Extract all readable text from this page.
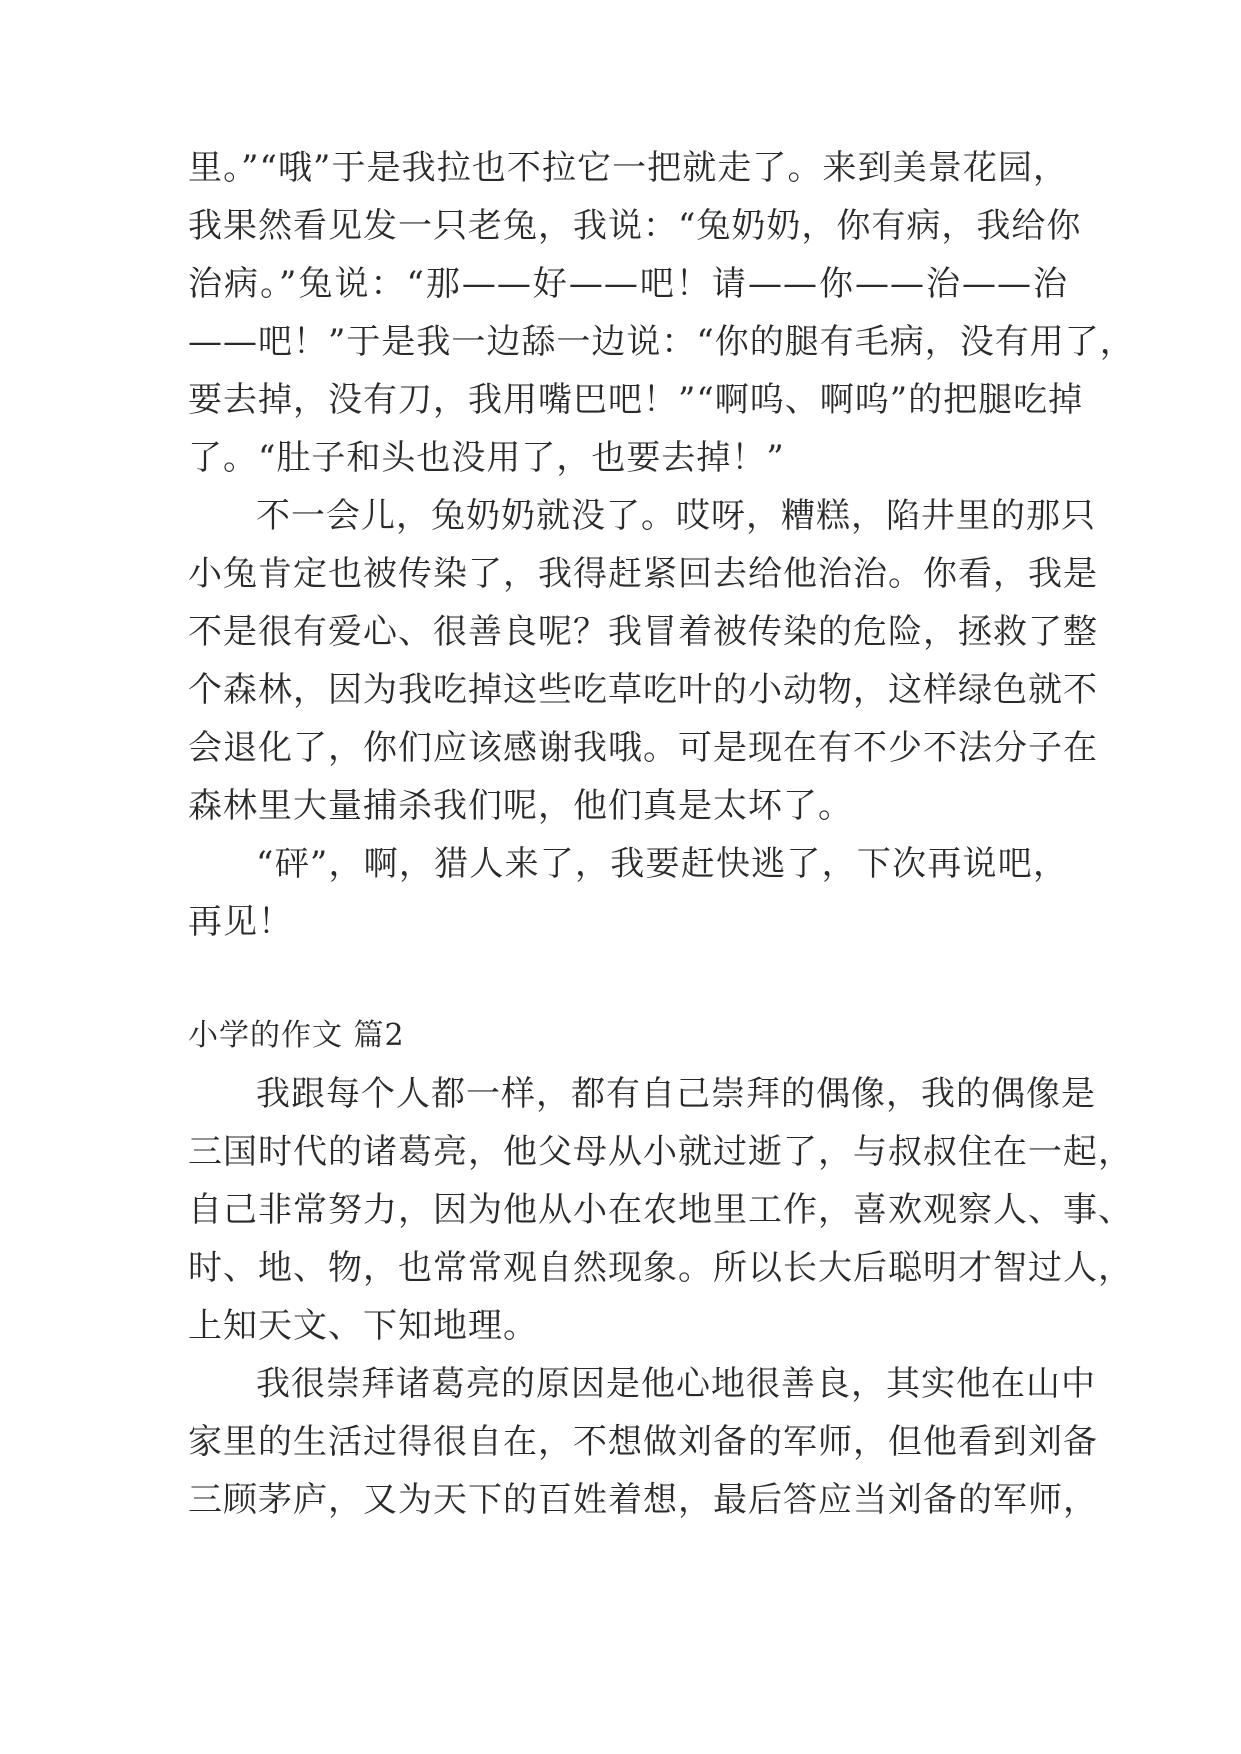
里。”“哦”于是我拉也不拉它一把就走了。来到美景花园，
我果然看见发一只老兔，我说：“兔奶奶，你有病，我给你
治病。”兔说：“那——好——吧！请——你——治——治
——吧！”于是我一边舔一边说：“你的腿有毛病，没有用了，
要去掉，没有刀，我用嘴巴吧！”“啊呜、啊呜”的把腿吃掉
了。“肚子和头也没用了，也要去掉！”
不一会儿，兔奶奶就没了。哎呀，糟糕，陷井里的那只
小兔肯定也被传染了，我得赶紧回去给他治治。你看，我是
不是很有爱心、很善良呢？我冒着被传染的危险，拯救了整
个森林，因为我吃掉这些吃草吃叶的小动物，这样绿色就不
会退化了，你们应该感谢我哦。可是现在有不少不法分子在
森林里大量捕杀我们呢，他们真是太坏了。
“砰”，啊，猎人来了，我要赶快逃了，下次再说吧，
再见！
小学的作文 篇2
我跟每个人都一样，都有自己崇拜的偶像，我的偶像是
三国时代的诸葛亮，他父母从小就过逝了，与叔叔住在一起，
自己非常努力，因为他从小在农地里工作，喜欢观察人、事、
时、地、物，也常常观自然现象。所以长大后聪明才智过人，
上知天文、下知地理。
我很崇拜诸葛亮的原因是他心地很善良，其实他在山中
家里的生活过得很自在，不想做刘备的军师，但他看到刘备
三顾茅庐，又为天下的百姓着想，最后答应当刘备的军师，
